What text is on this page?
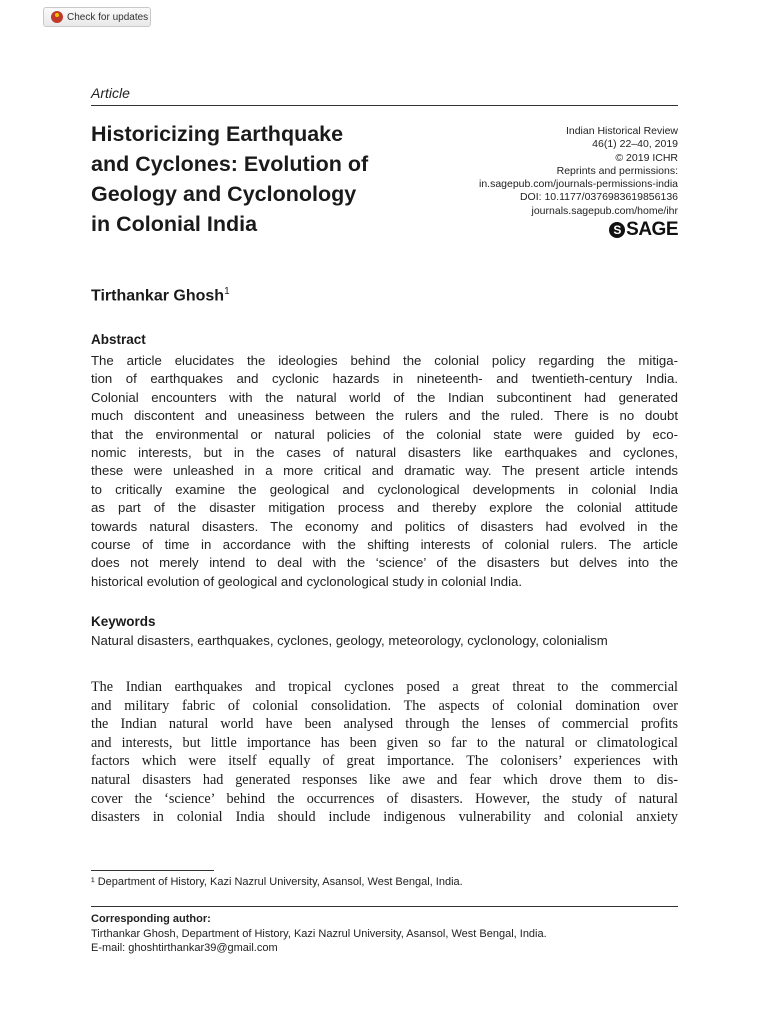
Check for updates
Article
Historicizing Earthquake
and Cyclones: Evolution of
Geology and Cyclonology
in Colonial India
Indian Historical Review
46(1) 22–40, 2019
© 2019 ICHR
Reprints and permissions:
in.sagepub.com/journals-permissions-india
DOI: 10.1177/0376983619856136
journals.sagepub.com/home/ihr
S SAGE
Tirthankar Ghosh$^1$
Abstract
The article elucidates the ideologies behind the colonial policy regarding the mitiga-
tion of earthquakes and cyclonic hazards in nineteenth- and twentieth-century India.
Colonial encounters with the natural world of the Indian subcontinent had generated
much discontent and uneasiness between the rulers and the ruled. There is no doubt
that the environmental or natural policies of the colonial state were guided by eco-
nomic interests, but in the cases of natural disasters like earthquakes and cyclones,
these were unleashed in a more critical and dramatic way. The present article intends
to critically examine the geological and cyclonological developments in colonial India
as part of the disaster mitigation process and thereby explore the colonial attitude
towards natural disasters. The economy and politics of disasters had evolved in the
course of time in accordance with the shifting interests of colonial rulers. The article
does not merely intend to deal with the ‘science’ of the disasters but delves into the
historical evolution of geological and cyclonological study in colonial India.
Keywords
Natural disasters, earthquakes, cyclones, geology, meteorology, cyclonology, colonialism
The Indian earthquakes and tropical cyclones posed a great threat to the commercial
and military fabric of colonial consolidation. The aspects of colonial domination over
the Indian natural world have been analysed through the lenses of commercial profits
and interests, but little importance has been given so far to the natural or climatological
factors which were itself equally of great importance. The colonisers’ experiences with
natural disasters had generated responses like awe and fear which drove them to dis-
cover the ‘science’ behind the occurrences of disasters. However, the study of natural
disasters in colonial India should include indigenous vulnerability and colonial anxiety
¹ Department of History, Kazi Nazrul University, Asansol, West Bengal, India.
Corresponding author:
Tirthankar Ghosh, Department of History, Kazi Nazrul University, Asansol, West Bengal, India.
E-mail: ghoshtirthankar39@gmail.com
